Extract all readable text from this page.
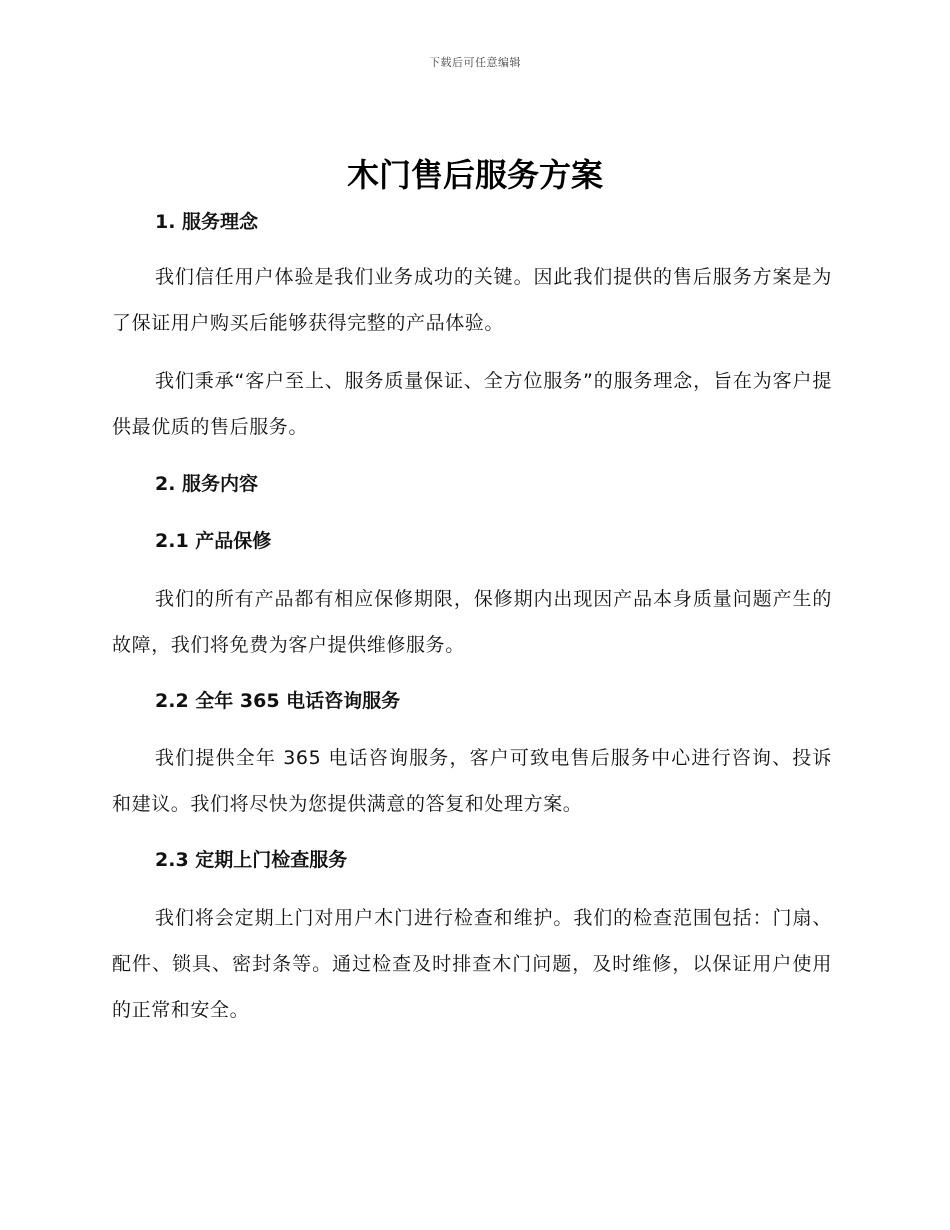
下载后可任意编辑
木门售后服务方案
1. 服务理念

我们信任用户体验是我们业务成功的关键。因此我们提供的售后服务方案是为了保证用户购买后能够获得完整的产品体验。

我们秉承“客户至上、服务质量保证、全方位服务”的服务理念，旨在为客户提供最优质的售后服务。

2. 服务内容
2.1 产品保修

我们的所有产品都有相应保修期限，保修期内出现因产品本身质量问题产生的故障，我们将免费为客户提供维修服务。

2.2 全年 365 电话咨询服务

我们提供全年 365 电话咨询服务，客户可致电售后服务中心进行咨询、投诉和建议。我们将尽快为您提供满意的答复和处理方案。

2.3 定期上门检查服务

我们将会定期上门对用户木门进行检查和维护。我们的检查范围包括：门扇、配件、锁具、密封条等。通过检查及时排查木门问题，及时维修，以保证用户使用的正常和安全。
